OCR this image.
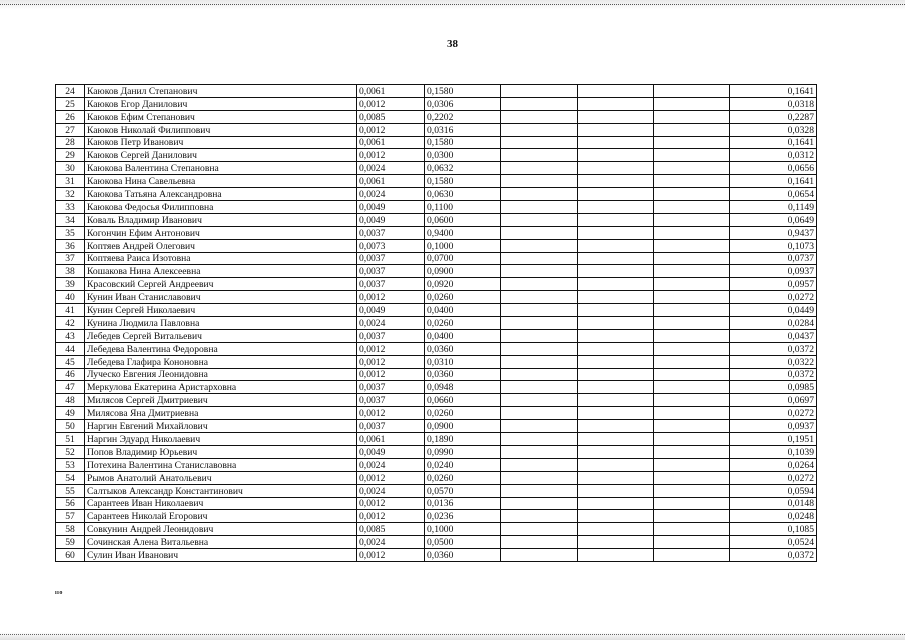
38
24	Каюков Данил Степанович	0,0061	0,1580				0,1641
25	Каюков Егор Данилович	0,0012	0,0306				0,0318
26	Каюков Ефим Степанович	0,0085	0,2202				0,2287
27	Каюков Николай Филиппович	0,0012	0,0316				0,0328
28	Каюков Петр Иванович	0,0061	0,1580				0,1641
29	Каюков Сергей Данилович	0,0012	0,0300				0,0312
30	Каюкова Валентина Степановна	0,0024	0,0632				0,0656
31	Каюкова Нина Савельевна	0,0061	0,1580				0,1641
32	Каюкова Татьяна Александровна	0,0024	0,0630				0,0654
33	Каюкова Федосья Филипповна	0,0049	0,1100				0,1149
34	Коваль Владимир Иванович	0,0049	0,0600				0,0649
35	Когончин Ефим Антонович	0,0037	0,9400				0,9437
36	Коптяев Андрей Олегович	0,0073	0,1000				0,1073
37	Коптяева Раиса Изотовна	0,0037	0,0700				0,0737
38	Кошакова Нина Алексеевна	0,0037	0,0900				0,0937
39	Красовский Сергей Андреевич	0,0037	0,0920				0,0957
40	Кунин Иван Станиславович	0,0012	0,0260				0,0272
41	Кунин Сергей Николаевич	0,0049	0,0400				0,0449
42	Кунина Людмила Павловна	0,0024	0,0260				0,0284
43	Лебедев Сергей Витальевич	0,0037	0,0400				0,0437
44	Лебедева Валентина Федоровна	0,0012	0,0360				0,0372
45	Лебедева Глафира Кононовна	0,0012	0,0310				0,0322
46	Луческо Евгения Леонидовна	0,0012	0,0360				0,0372
47	Меркулова Екатерина Аристарховна	0,0037	0,0948				0,0985
48	Милясов Сергей Дмитриевич	0,0037	0,0660				0,0697
49	Милясова Яна Дмитриевна	0,0012	0,0260				0,0272
50	Наргин Евгений Михайлович	0,0037	0,0900				0,0937
51	Наргин Эдуард Николаевич	0,0061	0,1890				0,1951
52	Попов Владимир Юрьевич	0,0049	0,0990				0,1039
53	Потехина Валентина Станиславовна	0,0024	0,0240				0,0264
54	Рымов Анатолий Анатольевич	0,0012	0,0260				0,0272
55	Салтыков Александр Константинович	0,0024	0,0570				0,0594
56	Сарантеев Иван Николаевич	0,0012	0,0136				0,0148
57	Сарантеев Николай Егорович	0,0012	0,0236				0,0248
58	Совкунин Андрей Леонидович	0,0085	0,1000				0,1085
59	Сочинская Алена Витальевна	0,0024	0,0500				0,0524
60	Сулин Иван Иванович	0,0012	0,0360				0,0372
ııo
